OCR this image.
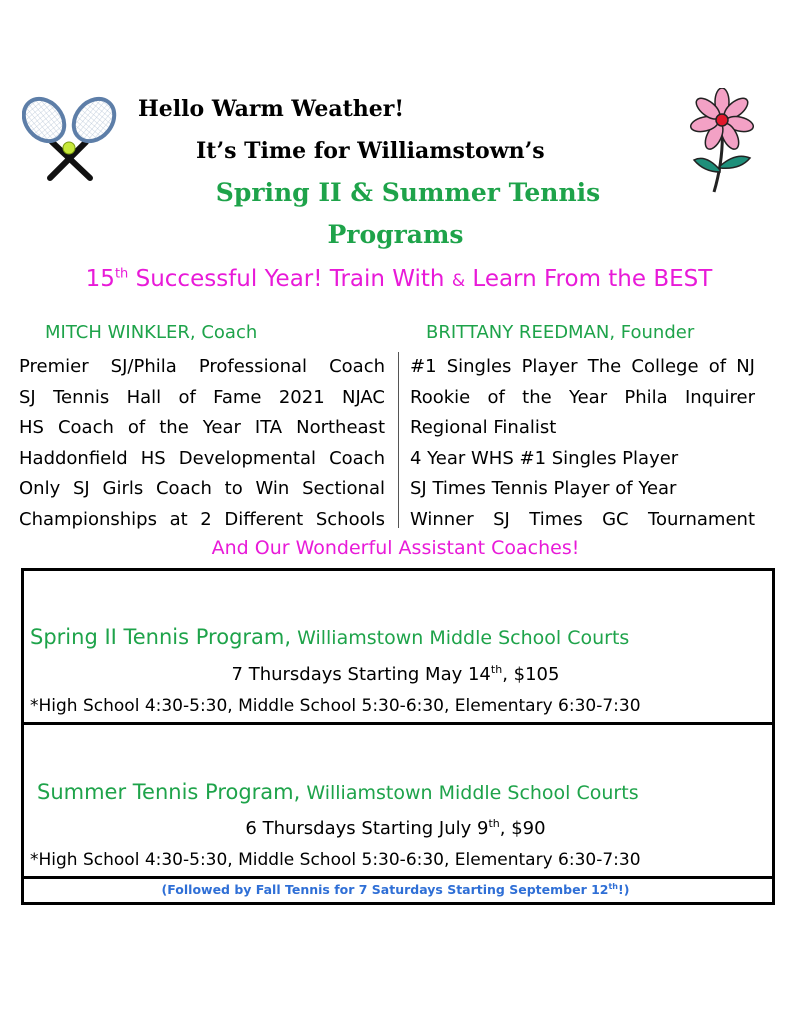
Hello Warm Weather!
It’s Time for Williamstown’s
Spring II & Summer Tennis
Programs
15th Successful Year! Train With & Learn From the BEST
MITCH WINKLER, Coach	BRITTANY REEDMAN, Founder
Premier SJ/Phila Professional Coach
SJ Tennis Hall of Fame 2021 NJAC
HS Coach of the Year ITA Northeast
Haddonfield HS Developmental Coach
Only SJ Girls Coach to Win Sectional
Championships at 2 Different Schools
#1 Singles Player The College of NJ
Rookie of the Year Phila Inquirer
Regional Finalist
4 Year WHS #1 Singles Player
SJ Times Tennis Player of Year
Winner SJ Times GC Tournament
And Our Wonderful Assistant Coaches!
Spring II Tennis Program, Williamstown Middle School Courts
7 Thursdays Starting May 14th, $105
*High School 4:30-5:30, Middle School 5:30-6:30, Elementary 6:30-7:30
Summer Tennis Program, Williamstown Middle School Courts
6 Thursdays Starting July 9th, $90
*High School 4:30-5:30, Middle School 5:30-6:30, Elementary 6:30-7:30
(Followed by Fall Tennis for 7 Saturdays Starting September 12th!)
